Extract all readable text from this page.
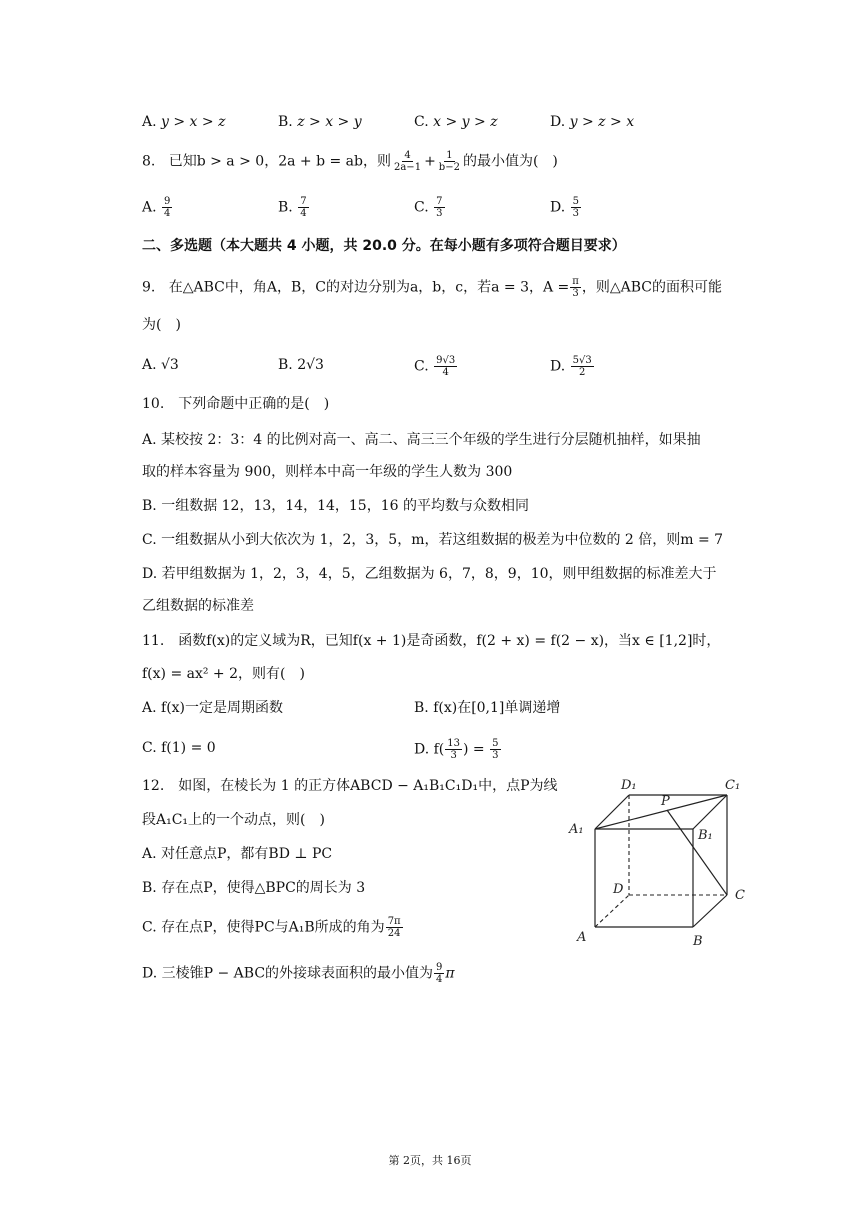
A. y > x > z	B. z > x > y	C. x > y > z	D. y > z > x
8. 已知b > a > 0，2a + b = ab，则 $\frac{4}{2a-1} + \frac{1}{b-2}$ 的最小值为(　)
A. $\frac{9}{4}$	B. $\frac{7}{4}$	C. $\frac{7}{3}$	D. $\frac{5}{3}$
二、多选题（本大题共 4 小题，共 20.0 分。在每小题有多项符合题目要求）
9. 在△ABC中，角A，B，C的对边分别为a，b，c，若a = 3，$A = \frac{\pi}{3}$ ，则△ABC的面积可能
为(　)
A. √3	B. 2√3	C. $\frac{9√3}{4}$	D. $\frac{5√3}{2}$
10.　下列命题中正确的是(　)
A. 某校按 2：3：4 的比例对高一、高二、高三三个年级的学生进行分层随机抽样，如果抽
取的样本容量为 900，则样本中高一年级的学生人数为 300
B. 一组数据 12，13，14，14，15，16 的平均数与众数相同
C. 一组数据从小到大依次为 1，2，3，5，m，若这组数据的极差为中位数的 2 倍，则m = 7
D. 若甲组数据为 1，2，3，4，5，乙组数据为 6，7，8，9，10，则甲组数据的标准差大于
乙组数据的标准差
11.　函数f(x)的定义域为R，已知f(x + 1)是奇函数，f(2 + x) = f(2 − x)，当x ∈ [1,2]时，
f(x) = ax² + 2，则有(　)
A. f(x)一定是周期函数	B. f(x)在[0,1]单调递增
C. f(1) = 0	D. $f( \frac{13}{3}$ ) = $\frac{5}{3}$
12.　如图，在棱长为 1 的正方体ABCD − A₁B₁C₁D₁中，点P为线
段A₁C₁上的一个动点，则(　)
A. 对任意点P，都有BD ⊥ PC
B. 存在点P，使得△BPC的周长为 3
C. 存在点P，使得PC与A₁B所成的角为 $\frac{7\pi}{24}$
D. 三棱锥P − ABC的外接球表面积的最小值为 $\frac{9}{4}$ π
D₁
P
C₁
A₁	B₁
D	C
A	B
第 2页，共 16页
